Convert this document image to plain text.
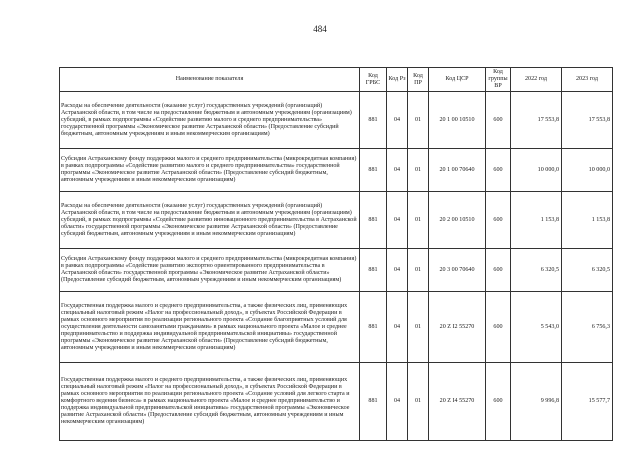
484
Наименование показателя	Код ГРБС	Код Рз	Код ПР	Код ЦСР	Код группы ВР	2022 год	2023 год
Расходы на обеспечение деятельности (оказание услуг) государственных учреждений (организаций) Астраханской области, в том числе на предоставление бюджетным и автономным учреждениям (организациям) субсидий, в рамках подпрограммы «Содействие развитию малого и среднего предпринимательства» государственной программы «Экономическое развитие Астраханской области» (Предоставление субсидий бюджетным, автономным учреждениям и иным некоммерческим организациям)	881	04	01	20 1 00 10510	600	17 553,8	17 553,8
Субсидия Астраханскому фонду поддержки малого и среднего предпринимательства (микрокредитная компания) в рамках подпрограммы «Содействие развитию малого и среднего предпринимательства» государственной программы «Экономическое развитие Астраханской области» (Предоставление субсидий бюджетным, автономным учреждениям и иным некоммерческим организациям)	881	04	01	20 1 00 70640	600	10 000,0	10 000,0
Расходы на обеспечение деятельности (оказание услуг) государственных учреждений (организаций) Астраханской области, в том числе на предоставление бюджетным и автономным учреждениям (организациям) субсидий, в рамках подпрограммы «Содействие развитию инновационного предпринимательства в Астраханской области» государственной программы «Экономическое развитие Астраханской области» (Предоставление субсидий бюджетным, автономным учреждениям и иным некоммерческим организациям)	881	04	01	20 2 00 10510	600	1 153,8	1 153,8
Субсидия Астраханскому фонду поддержки малого и среднего предпринимательства (микрокредитная компания) в рамках подпрограммы «Содействие развитию экспортно ориентированного предпринимательства в Астраханской области» государственной программы «Экономическое развитие Астраханской области» (Предоставление субсидий бюджетным, автономным учреждениям и иным некоммерческим организациям)	881	04	01	20 3 00 70640	600	6 320,5	6 320,5
Государственная поддержка малого и среднего предпринимательства, а также физических лиц, применяющих специальный налоговый режим «Налог на профессиональный доход», в субъектах Российской Федерации в рамках основного мероприятия по реализации регионального проекта «Создание благоприятных условий для осуществления деятельности самозанятыми гражданами» в рамках национального проекта «Малое и среднее предпринимательство и поддержка индивидуальной предпринимательской инициативы» государственной программы «Экономическое развитие Астраханской области» (Предоставление субсидий бюджетным, автономным учреждениям и иным некоммерческим организациям)	881	04	01	20 Z I2 55270	600	5 543,0	6 756,3
Государственная поддержка малого и среднего предпринимательства, а также физических лиц, применяющих специальный налоговый режим «Налог на профессиональный доход», в субъектах Российской Федерации в рамках основного мероприятия по реализации регионального проекта «Создание условий для легкого старта и комфортного ведения бизнеса» в рамках национального проекта «Малое и среднее предпринимательство и поддержка индивидуальной предпринимательской инициативы» государственной программы «Экономическое развитие Астраханской области» (Предоставление субсидий бюджетным, автономным учреждениям и иным некоммерческим организациям)	881	04	01	20 Z I4 55270	600	9 996,8	15 577,7
